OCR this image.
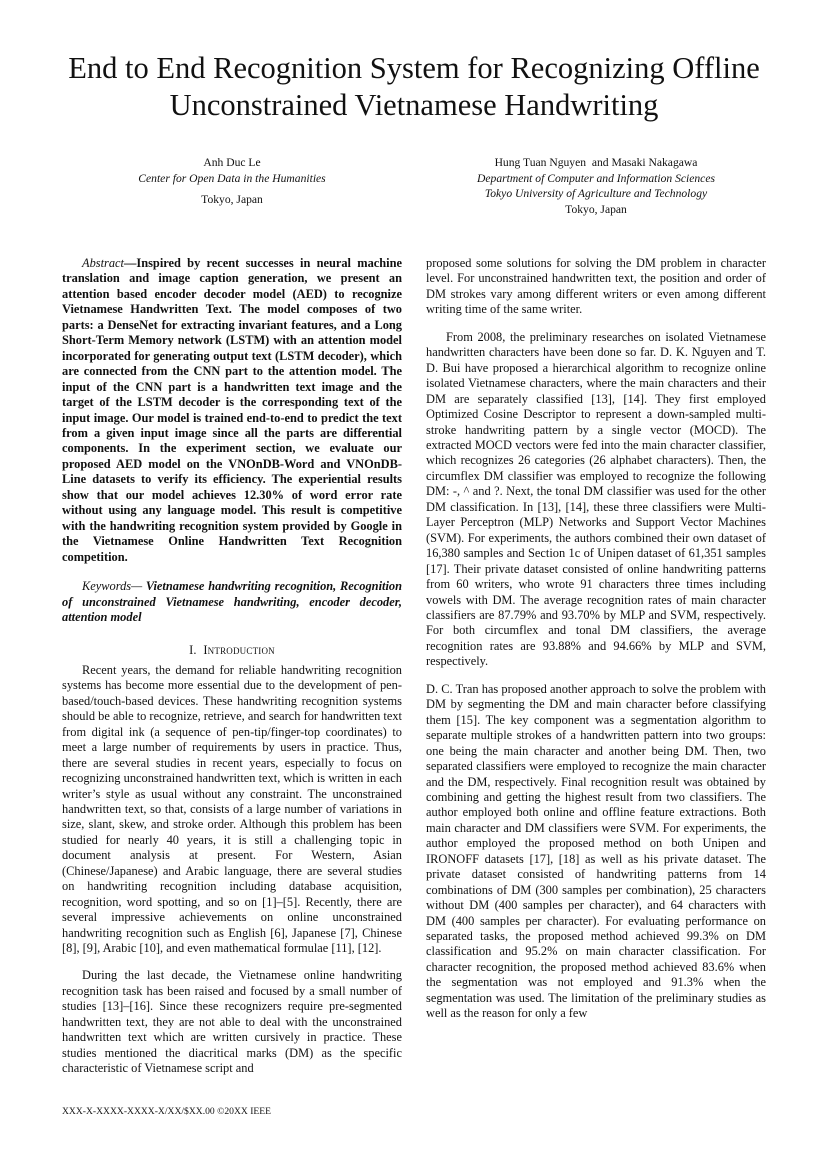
End to End Recognition System for Recognizing Offline Unconstrained Vietnamese Handwriting
Anh Duc Le
Center for Open Data in the Humanities
Tokyo, Japan
Hung Tuan Nguyen  and Masaki Nakagawa
Department of Computer and Information Sciences
Tokyo University of Agriculture and Technology
Tokyo, Japan

Abstract—Inspired by recent successes in neural machine translation and image caption generation, we present an attention based encoder decoder model (AED) to recognize Vietnamese Handwritten Text. The model composes of two parts: a DenseNet for extracting invariant features, and a Long Short-Term Memory network (LSTM) with an attention model incorporated for generating output text (LSTM decoder), which are connected from the CNN part to the attention model. The input of the CNN part is a handwritten text image and the target of the LSTM decoder is the corresponding text of the input image. Our model is trained end-to-end to predict the text from a given input image since all the parts are differential components. In the experiment section, we evaluate our proposed AED model on the VNOnDB-Word and VNOnDB-Line datasets to verify its efficiency. The experiential results show that our model achieves 12.30% of word error rate without using any language model. This result is competitive with the handwriting recognition system provided by Google in the Vietnamese Online Handwritten Text Recognition competition.

Keywords— Vietnamese handwriting recognition, Recognition of unconstrained Vietnamese handwriting, encoder decoder, attention model

I. Introduction

Recent years, the demand for reliable handwriting recognition systems has become more essential due to the development of pen-based/touch-based devices. These handwriting recognition systems should be able to recognize, retrieve, and search for handwritten text from digital ink (a sequence of pen-tip/finger-top coordinates) to meet a large number of requirements by users in practice. Thus, there are several studies in recent years, especially to focus on recognizing unconstrained handwritten text, which is written in each writer’s style as usual without any constraint. The unconstrained handwritten text, so that, consists of a large number of variations in size, slant, skew, and stroke order. Although this problem has been studied for nearly 40 years, it is still a challenging topic in document analysis at present. For Western, Asian (Chinese/Japanese) and Arabic language, there are several studies on handwriting recognition including database acquisition, recognition, word spotting, and so on [1]–[5]. Recently, there are several impressive achievements on online unconstrained handwriting recognition such as English [6], Japanese [7], Chinese [8], [9], Arabic [10], and even mathematical formulae [11], [12].

During the last decade, the Vietnamese online handwriting recognition task has been raised and focused by a small number of studies [13]–[16]. Since these recognizers require pre-segmented handwritten text, they are not able to deal with the unconstrained handwritten text which are written cursively in practice. These studies mentioned the diacritical marks (DM) as the specific characteristic of Vietnamese script and

proposed some solutions for solving the DM problem in character level. For unconstrained handwritten text, the position and order of DM strokes vary among different writers or even among different writing time of the same writer.

From 2008, the preliminary researches on isolated Vietnamese handwritten characters have been done so far. D. K. Nguyen and T. D. Bui have proposed a hierarchical algorithm to recognize online isolated Vietnamese characters, where the main characters and their DM are separately classified [13], [14]. They first employed Optimized Cosine Descriptor to represent a down-sampled multi-stroke handwriting pattern by a single vector (MOCD). The extracted MOCD vectors were fed into the main character classifier, which recognizes 26 categories (26 alphabet characters). Then, the circumflex DM classifier was employed to recognize the following DM: -, ^ and ?. Next, the tonal DM classifier was used for the other DM classification. In [13], [14], these three classifiers were Multi-Layer Perceptron (MLP) Networks and Support Vector Machines (SVM). For experiments, the authors combined their own dataset of 16,380 samples and Section 1c of Unipen dataset of 61,351 samples [17]. Their private dataset consisted of online handwriting patterns from 60 writers, who wrote 91 characters three times including vowels with DM. The average recognition rates of main character classifiers are 87.79% and 93.70% by MLP and SVM, respectively. For both circumflex and tonal DM classifiers, the average recognition rates are 93.88% and 94.66% by MLP and SVM, respectively.

D. C. Tran has proposed another approach to solve the problem with DM by segmenting the DM and main character before classifying them [15]. The key component was a segmentation algorithm to separate multiple strokes of a handwritten pattern into two groups: one being the main character and another being DM. Then, two separated classifiers were employed to recognize the main character and the DM, respectively. Final recognition result was obtained by combining and getting the highest result from two classifiers. The author employed both online and offline feature extractions. Both main character and DM classifiers were SVM. For experiments, the author employed the proposed method on both Unipen and IRONOFF datasets [17], [18] as well as his private dataset. The private dataset consisted of handwriting patterns from 14 combinations of DM (300 samples per combination), 25 characters without DM (400 samples per character), and 64 characters with DM (400 samples per character). For evaluating performance on separated tasks, the proposed method achieved 99.3% on DM classification and 95.2% on main character classification. For character recognition, the proposed method achieved 83.6% when the segmentation was not employed and 91.3% when the segmentation was used. The limitation of the preliminary studies as well as the reason for only a few

XXX-X-XXXX-XXXX-X/XX/$XX.00 ©20XX IEEE
